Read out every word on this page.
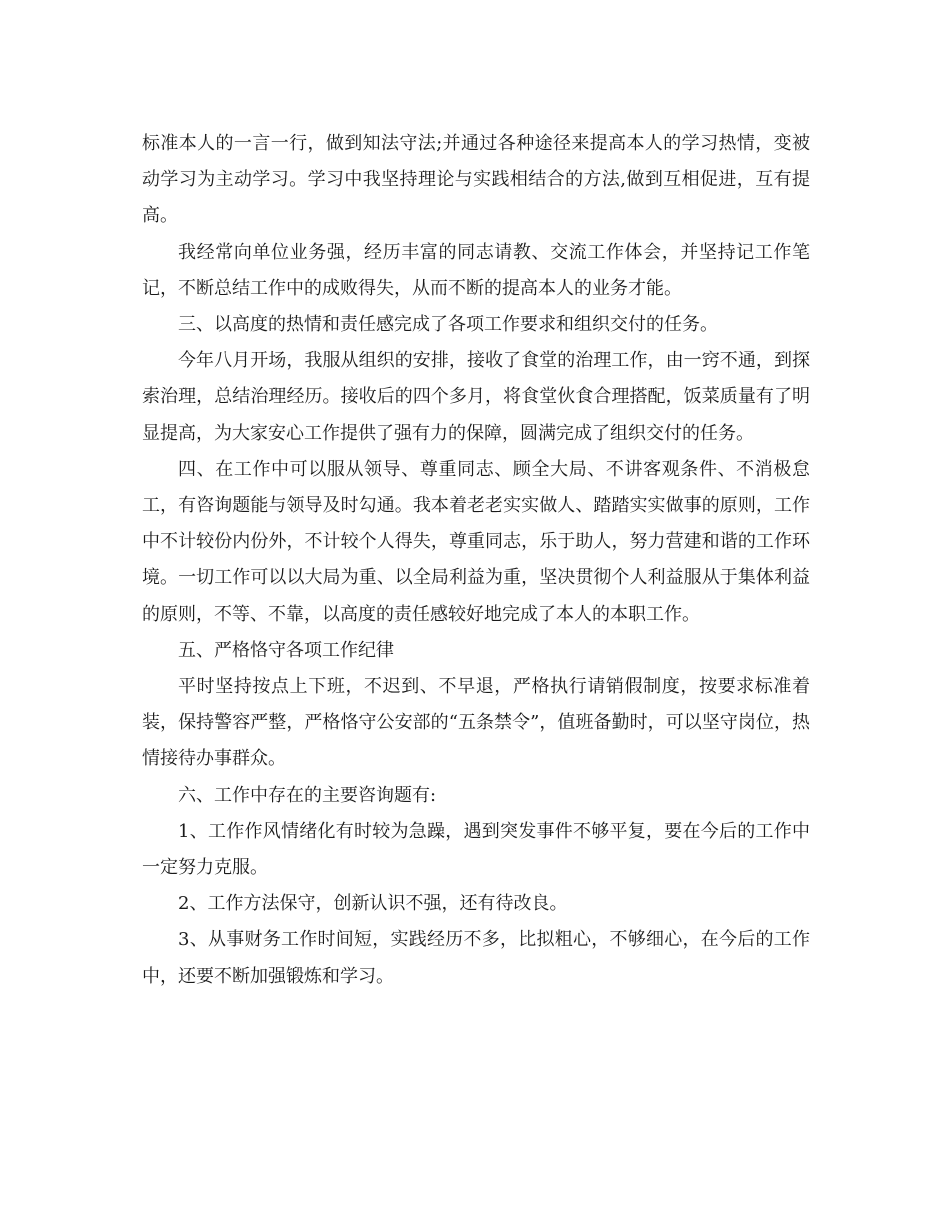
标准本人的一言一行，做到知法守法;并通过各种途径来提高本人的学习热情，变被动学习为主动学习。学习中我坚持理论与实践相结合的方法,做到互相促进，互有提高。

我经常向单位业务强，经历丰富的同志请教、交流工作体会，并坚持记工作笔记，不断总结工作中的成败得失，从而不断的提高本人的业务才能。

三、以高度的热情和责任感完成了各项工作要求和组织交付的任务。

今年八月开场，我服从组织的安排，接收了食堂的治理工作，由一窍不通，到探索治理，总结治理经历。接收后的四个多月，将食堂伙食合理搭配，饭菜质量有了明显提高，为大家安心工作提供了强有力的保障，圆满完成了组织交付的任务。

四、在工作中可以服从领导、尊重同志、顾全大局、不讲客观条件、不消极怠工，有咨询题能与领导及时勾通。我本着老老实实做人、踏踏实实做事的原则，工作中不计较份内份外，不计较个人得失，尊重同志，乐于助人，努力营建和谐的工作环境。一切工作可以以大局为重、以全局利益为重，坚决贯彻个人利益服从于集体利益的原则，不等、不靠，以高度的责任感较好地完成了本人的本职工作。

五、严格恪守各项工作纪律

平时坚持按点上下班，不迟到、不早退，严格执行请销假制度，按要求标准着装，保持警容严整，严格恪守公安部的“五条禁令”，值班备勤时，可以坚守岗位，热情接待办事群众。

六、工作中存在的主要咨询题有:

1、工作作风情绪化有时较为急躁，遇到突发事件不够平复，要在今后的工作中一定努力克服。

2、工作方法保守，创新认识不强，还有待改良。

3、从事财务工作时间短，实践经历不多，比拟粗心，不够细心，在今后的工作中，还要不断加强锻炼和学习。
